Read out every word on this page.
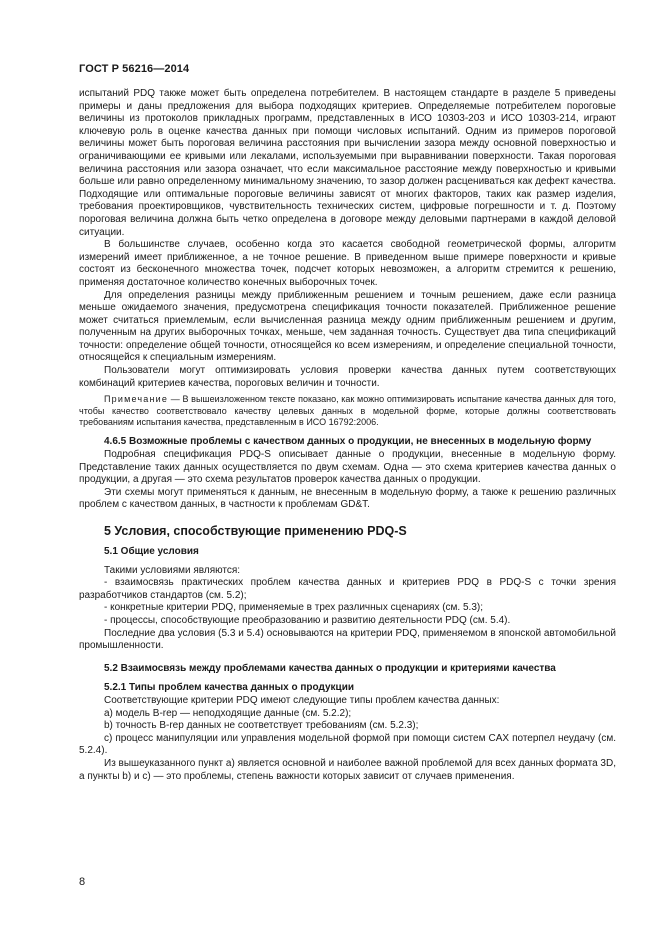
ГОСТ Р 56216—2014

испытаний PDQ также может быть определена потребителем. В настоящем стандарте в разделе 5 приведены примеры и даны предложения для выбора подходящих критериев. Определяемые потребителем пороговые величины из протоколов прикладных программ, представленных в ИСО 10303-203 и ИСО 10303-214, играют ключевую роль в оценке качества данных при помощи числовых испытаний. Одним из примеров пороговой величины может быть пороговая величина расстояния при вычислении зазора между основной поверхностью и ограничивающими ее кривыми или лекалами, используемыми при выравнивании поверхности. Такая пороговая величина расстояния или зазора означает, что если максимальное расстояние между поверхностью и кривыми больше или равно определенному минимальному значению, то зазор должен расцениваться как дефект качества. Подходящие или оптимальные пороговые величины зависят от многих факторов, таких как размер изделия, требования проектировщиков, чувствительность технических систем, цифровые погрешности и т. д. Поэтому пороговая величина должна быть четко определена в договоре между деловыми партнерами в каждой деловой ситуации.

В большинстве случаев, особенно когда это касается свободной геометрической формы, алгоритм измерений имеет приближенное, а не точное решение. В приведенном выше примере поверхности и кривые состоят из бесконечного множества точек, подсчет которых невозможен, а алгоритм стремится к решению, применяя достаточное количество конечных выборочных точек.

Для определения разницы между приближенным решением и точным решением, даже если разница меньше ожидаемого значения, предусмотрена спецификация точности показателей. Приближенное решение может считаться приемлемым, если вычисленная разница между одним приближенным решением и другим, полученным на других выборочных точках, меньше, чем заданная точность. Существует два типа спецификаций точности: определение общей точности, относящейся ко всем измерениям, и определение специальной точности, относящейся к специальным измерениям.

Пользователи могут оптимизировать условия проверки качества данных путем соответствующих комбинаций критериев качества, пороговых величин и точности.

Примечание — В вышеизложенном тексте показано, как можно оптимизировать испытание качества данных для того, чтобы качество соответствовало качеству целевых данных в модельной форме, которые должны соответствовать требованиям испытания качества, представленным в ИСО 16792:2006.

4.6.5 Возможные проблемы с качеством данных о продукции, не внесенных в модельную форму

Подробная спецификация PDQ-S описывает данные о продукции, внесенные в модельную форму. Представление таких данных осуществляется по двум схемам. Одна — это схема критериев качества данных о продукции, а другая — это схема результатов проверок качества данных о продукции.

Эти схемы могут применяться к данным, не внесенным в модельную форму, а также к решению различных проблем с качеством данных, в частности к проблемам GD&T.

5 Условия, способствующие применению PDQ-S

5.1 Общие условия

Такими условиями являются:

- взаимосвязь практических проблем качества данных и критериев PDQ в PDQ-S с точки зрения разработчиков стандартов (см. 5.2);

- конкретные критерии PDQ, применяемые в трех различных сценариях (см. 5.3);

- процессы, способствующие преобразованию и развитию деятельности PDQ (см. 5.4).

Последние два условия (5.3 и 5.4) основываются на критерии PDQ, применяемом в японской автомобильной промышленности.

5.2 Взаимосвязь между проблемами качества данных о продукции и критериями качества

5.2.1 Типы проблем качества данных о продукции

Соответствующие критерии PDQ имеют следующие типы проблем качества данных:

a) модель B-rep — неподходящие данные (см. 5.2.2);

b) точность B-rep данных не соответствует требованиям (см. 5.2.3);

c) процесс манипуляции или управления модельной формой при помощи систем CAX потерпел неудачу (см. 5.2.4).

Из вышеуказанного пункт a) является основной и наиболее важной проблемой для всех данных формата 3D, а пункты b) и c) — это проблемы, степень важности которых зависит от случаев применения.

8
